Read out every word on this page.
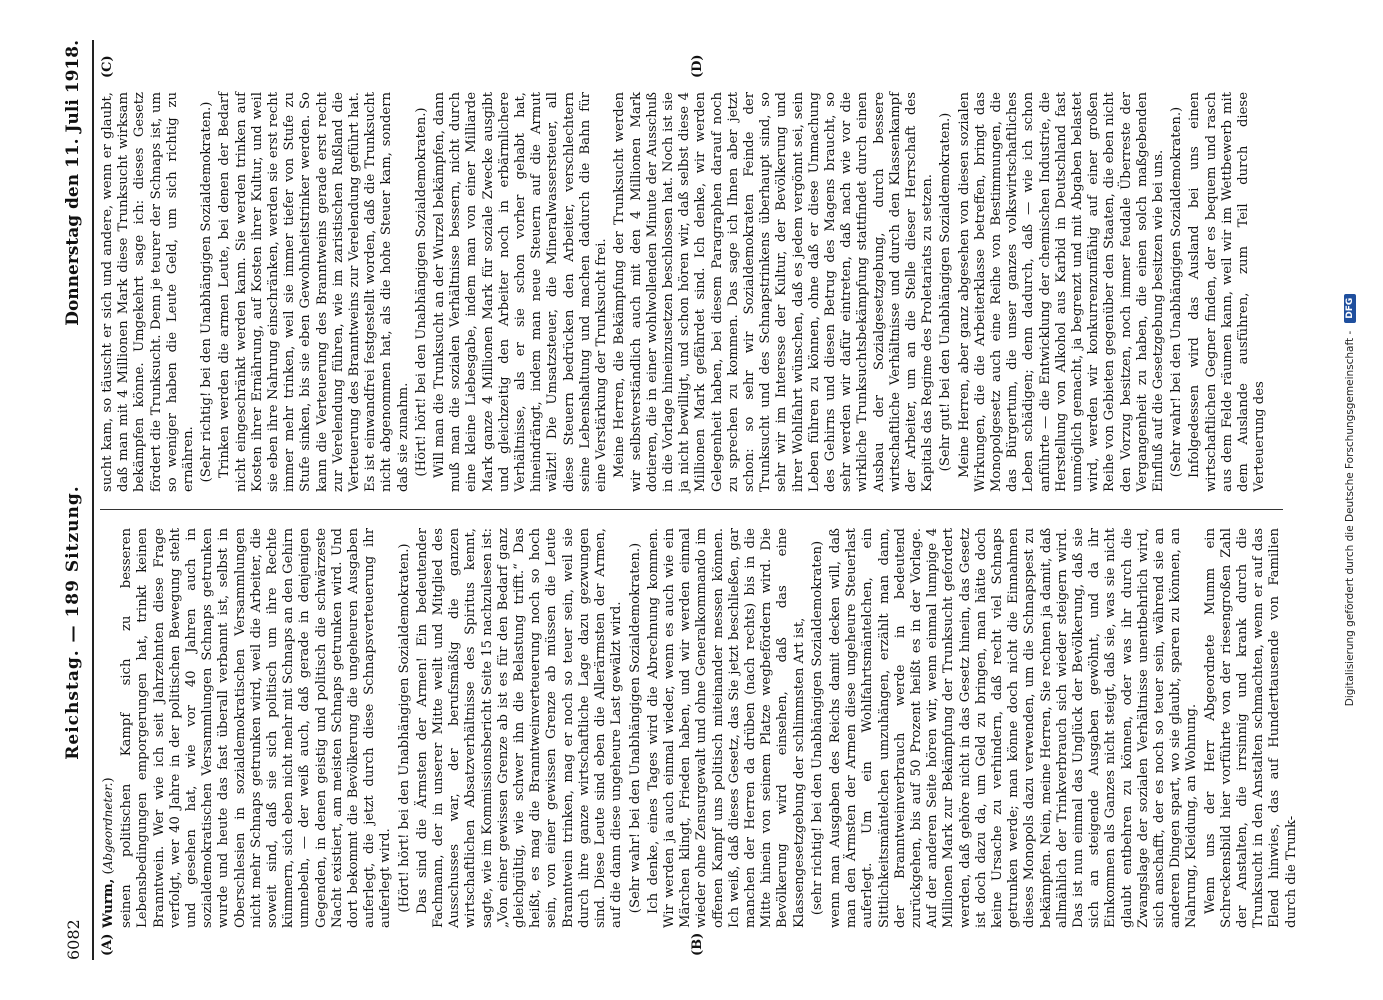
6082
Reichstag. — 189 Sitzung.
Donnerstag den 11. Juli 1918.
(A)	(B)
(C)	(D)

Wurm, (Abgeordneter.) seinen politischen Kampf sich zu besseren Lebensbedingungen emporgerungen hat, trinkt keinen Branntwein. Wer wie ich seit Jahrzehnten diese Frage verfolgt, wer 40 Jahre in der politischen Bewegung steht und gesehen hat, wie vor 40 Jahren auch in sozialdemokratischen Versammlungen Schnaps getrunken wurde und heute das fast überall verbannt ist, selbst in Oberschlesien in sozialdemokratischen Versammlungen nicht mehr Schnaps getrunken wird, weil die Arbeiter, die soweit sind, daß sie sich politisch um ihre Rechte kümmern, sich eben nicht mehr mit Schnaps an den Gehirn umnebeln, — der weiß auch, daß gerade in denjenigen Gegenden, in denen geistig und politisch die schwärzeste Nacht existiert, am meisten Schnaps getrunken wird. Und dort bekommt die Bevölkerung die ungeheuren Ausgaben auferlegt, die jetzt durch diese Schnapsverteuerung ihr auferlegt wird. (Hört! hört! bei den Unabhängigen Sozialdemokraten.) Das sind die Ärmsten der Armen! Ein bedeutender Fachmann, der in unserer Mitte weilt und Mitglied des Ausschusses war, der berufsmäßig die ganzen wirtschaftlichen Absatzverhältnisse des Spiritus kennt, sagte, wie im Kommissionsbericht Seite 15 nachzulesen ist: „Von einer gewissen Grenze ab ist es für den Bedarf ganz gleichgültig, wie schwer ihn die Belastung trifft.“ Das heißt, es mag die Branntweinverteuerung noch so hoch sein, von einer gewissen Grenze ab müssen die Leute Branntwein trinken, mag er noch so teuer sein, weil sie durch ihre ganze wirtschaftliche Lage dazu gezwungen sind. Diese Leute sind eben die Allerärmsten der Armen, auf die dann diese ungeheure Last gewälzt wird. (Sehr wahr! bei den Unabhängigen Sozialdemokraten.) Ich denke, eines Tages wird die Abrechnung kommen. Wir werden ja auch einmal wieder, wenn es auch wie ein Märchen klingt, Frieden haben, und wir werden einmal wieder ohne Zensurgewalt und ohne Generalkommando im offenen Kampf uns politisch miteinander messen können. Ich weiß, daß dieses Gesetz, das Sie jetzt beschließen, gar manchen der Herren da drüben (nach rechts) bis in die Mitte hinein von seinem Platze wegbefördern wird. Die Bevölkerung wird einsehen, daß das eine Klassengesetzgebung der schlimmsten Art ist, (sehr richtig! bei den Unabhängigen Sozialdemokraten) wenn man Ausgaben des Reichs damit decken will, daß man den Ärmsten der Armen diese ungeheure Steuerlast auferlegt. Um ein Wohlfahrtsmäntelchen, ein Sittlichkeitsmäntelchen umzuhängen, erzählt man dann, der Branntweinverbrauch werde in bedeutend zurückgehen, bis auf 50 Prozent heißt es in der Vorlage. Auf der anderen Seite hören wir, wenn einmal lumpige 4 Millionen Mark zur Bekämpfung der Trunksucht gefordert werden, daß gehöre nicht in das Gesetz hinein, das Gesetz ist doch dazu da, um Geld zu bringen, man hätte doch keine Ursache zu verhindern, daß recht viel Schnaps getrunken werde; man könne doch nicht die Einnahmen dieses Monopols dazu verwenden, um die Schnapspest zu bekämpfen. Nein, meine Herren, Sie rechnen ja damit, daß allmählich der Trinkverbrauch sich wieder steigern wird. Das ist nun einmal das Unglück der Bevölkerung, daß sie sich an steigende Ausgaben gewöhnt, und da ihr Einkommen als Ganzes nicht steigt, daß sie, was sie nicht glaubt entbehren zu können, oder was ihr durch die Zwangslage der sozialen Verhältnisse unentbehrlich wird, sich anschafft, der es noch so teuer sein, während sie an anderen Dingen spart, wo sie glaubt, sparen zu können, an Nahrung, Kleidung, an Wohnung. Wenn uns der Herr Abgeordnete Mumm ein Schreckensbild hier vorführte von der riesengroßen Zahl der Anstalten, die irrsinnig und krank durch die Trunksucht in den Anstalten schmachten, wenn er auf das Elend hinwies, das auf Hunderttausende von Familien durch die Trunk-

sucht kam, so täuscht er sich und andere, wenn er glaubt, daß man mit 4 Millionen Mark diese Trunksucht wirksam bekämpfen könne. Umgekehrt sage ich: dieses Gesetz fördert die Trunksucht. Denn je teurer der Schnaps ist, um so weniger haben die Leute Geld, um sich richtig zu ernähren. (Sehr richtig! bei den Unabhängigen Sozialdemokraten.) Trinken werden die armen Leute, bei denen der Bedarf nicht eingeschränkt werden kann. Sie werden trinken auf Kosten ihrer Ernährung, auf Kosten ihrer Kultur, und weil sie eben ihre Nahrung einschränken, werden sie erst recht immer mehr trinken, weil sie immer tiefer von Stufe zu Stufe sinken, bis sie eben Gewohnheitstrinker werden. So kann die Verteuerung des Branntweins gerade erst recht zur Verelendung führen, wie im zaristischen Rußland die Verteuerung des Branntweins zur Verelendung geführt hat. Es ist einwandfrei festgestellt worden, daß die Trunksucht nicht abgenommen hat, als die hohe Steuer kam, sondern daß sie zunahm. (Hört! hört! bei den Unabhängigen Sozialdemokraten.) Will man die Trunksucht an der Wurzel bekämpfen, dann muß man die sozialen Verhältnisse bessern, nicht durch eine kleine Liebesgabe, indem man von einer Milliarde Mark ganze 4 Millionen Mark für soziale Zwecke ausgibt und gleichzeitig den Arbeiter noch in erbärmlichere Verhältnisse, als er sie schon vorher gehabt hat, hineindrängt, indem man neue Steuern auf die Armut wälzt! Die Umsatzsteuer, die Mineralwassersteuer, all diese Steuern bedrücken den Arbeiter, verschlechtern seine Lebenshaltung und machen dadurch die Bahn für eine Verstärkung der Trunksucht frei. Meine Herren, die Bekämpfung der Trunksucht werden wir selbstverständlich auch mit den 4 Millionen Mark dotieren, die in einer wohlwollenden Minute der Ausschuß in die Vorlage hineinzusetzen beschlossen hat. Noch ist sie ja nicht bewilligt, und schon hören wir, daß selbst diese 4 Millionen Mark gefährdet sind. Ich denke, wir werden Gelegenheit haben, bei diesem Paragraphen darauf noch zu sprechen zu kommen. Das sage ich Ihnen aber jetzt schon: so sehr wir Sozialdemokraten Feinde der Trunksucht und des Schnapstrinkens überhaupt sind, so sehr wir im Interesse der Kultur, der Bevölkerung und ihrer Wohlfahrt wünschen, daß es jedem vergönnt sei, sein Leben führen zu können, ohne daß er diese Unmachung des Gehirns und diesen Betrug des Magens braucht, so sehr werden wir dafür eintreten, daß nach wie vor die wirkliche Trunksuchtsbekämpfung stattfindet durch einen Ausbau der Sozialgesetzgebung, durch bessere wirtschaftliche Verhältnisse und durch den Klassenkampf der Arbeiter, um an die Stelle dieser Herrschaft des Kapitals das Regime des Proletariats zu setzen. (Sehr gut! bei den Unabhängigen Sozialdemokraten.) Meine Herren, aber ganz abgesehen von diesen sozialen Wirkungen, die die Arbeiterklasse betreffen, bringt das Monopolgesetz auch eine Reihe von Bestimmungen, die das Bürgertum, die unser ganzes volkswirtschaftliches Leben schädigen; denn dadurch, daß — wie ich schon anführte — die Entwicklung der chemischen Industrie, die Herstellung von Alkohol aus Karbid in Deutschland fast unmöglich gemacht, ja begrenzt und mit Abgaben belastet wird, werden wir konkurrenzunfähig auf einer großen Reihe von Gebieten gegenüber den Staaten, die eben nicht den Vorzug besitzen, noch immer feudale Überreste der Vergangenheit zu haben, die einen solch maßgebenden Einfluß auf die Gesetzgebung besitzen wie bei uns. (Sehr wahr! bei den Unabhängigen Sozialdemokraten.) Infolgedessen wird das Ausland bei uns einen wirtschaftlichen Gegner finden, der es bequem und rasch aus dem Felde räumen kann, weil wir im Wettbewerb mit dem Auslande ausführen, zum Teil durch diese Verteuerung des	Digitalisierung gefördert durch die Deutsche Forschungsgemeinschaft -
DFG
